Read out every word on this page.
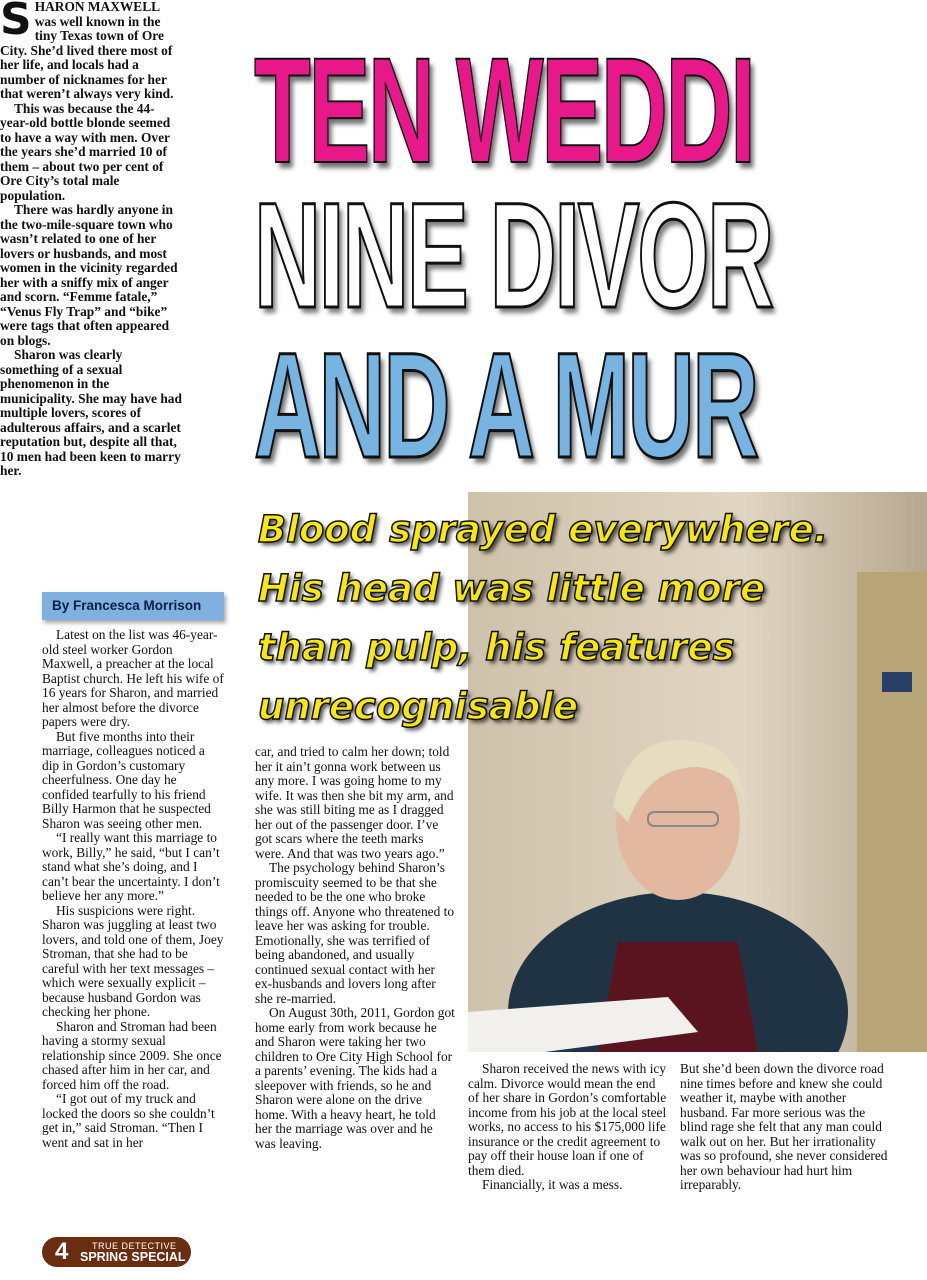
S HARON MAXWELL was well known in the tiny Texas town of Ore City. She’d lived there most of her life, and locals had a number of nicknames for her that weren’t always very kind.

This was because the 44-year-old bottle blonde seemed to have a way with men. Over the years she’d married 10 of them – about two per cent of Ore City’s total male population.

There was hardly anyone in the two-mile-square town who wasn’t related to one of her lovers or husbands, and most women in the vicinity regarded her with a sniffy mix of anger and scorn. “Femme fatale,” “Venus Fly Trap” and “bike” were tags that often appeared on blogs.

Sharon was clearly something of a sexual phenomenon in the municipality. She may have had multiple lovers, scores of adulterous affairs, and a scarlet reputation but, despite all that, 10 men had been keen to marry her.

By Francesca Morrison

Latest on the list was 46-year-old steel worker Gordon Maxwell, a preacher at the local Baptist church. He left his wife of 16 years for Sharon, and married her almost before the divorce papers were dry.

But five months into their marriage, colleagues noticed a dip in Gordon’s customary cheerfulness. One day he confided tearfully to his friend Billy Harmon that he suspected Sharon was seeing other men.

“I really want this marriage to work, Billy,” he said, “but I can’t stand what she’s doing, and I can’t bear the uncertainty. I don’t believe her any more.”

His suspicions were right. Sharon was juggling at least two lovers, and told one of them, Joey Stroman, that she had to be careful with her text messages – which were sexually explicit – because husband Gordon was checking her phone.

Sharon and Stroman had been having a stormy sexual relationship since 2009. She once chased after him in her car, and forced him off the road.

“I got out of my truck and locked the doors so she couldn’t get in,” said Stroman. “Then I went and sat in her

car, and tried to calm her down; told her it ain’t gonna work between us any more. I was going home to my wife. It was then she bit my arm, and she was still biting me as I dragged her out of the passenger door. I’ve got scars where the teeth marks were. And that was two years ago.”

The psychology behind Sharon’s promiscuity seemed to be that she needed to be the one who broke things off. Anyone who threatened to leave her was asking for trouble. Emotionally, she was terrified of being abandoned, and usually continued sexual contact with her ex-husbands and lovers long after she re-married.

On August 30th, 2011, Gordon got home early from work because he and Sharon were taking her two children to Ore City High School for a parents’ evening. The kids had a sleepover with friends, so he and Sharon were alone on the drive home. With a heavy heart, he told her the marriage was over and he was leaving.

Sharon received the news with icy calm. Divorce would mean the end of her share in Gordon’s comfortable income from his job at the local steel works, no access to his $175,000 life insurance or the credit agreement to pay off their house loan if one of them died.

Financially, it was a mess.

But she’d been down the divorce road nine times before and knew she could weather it, maybe with another husband. Far more serious was the blind rage she felt that any man could walk out on her. But her irrationality was so profound, she never considered her own behaviour had hurt him irreparably.

TEN WEDDI
NINE DIVOR
AND A MUR
Blood sprayed everywhere.
His head was little more
than pulp, his features
unrecognisable
4	TRUE DETECTIVE
SPRING SPECIAL
